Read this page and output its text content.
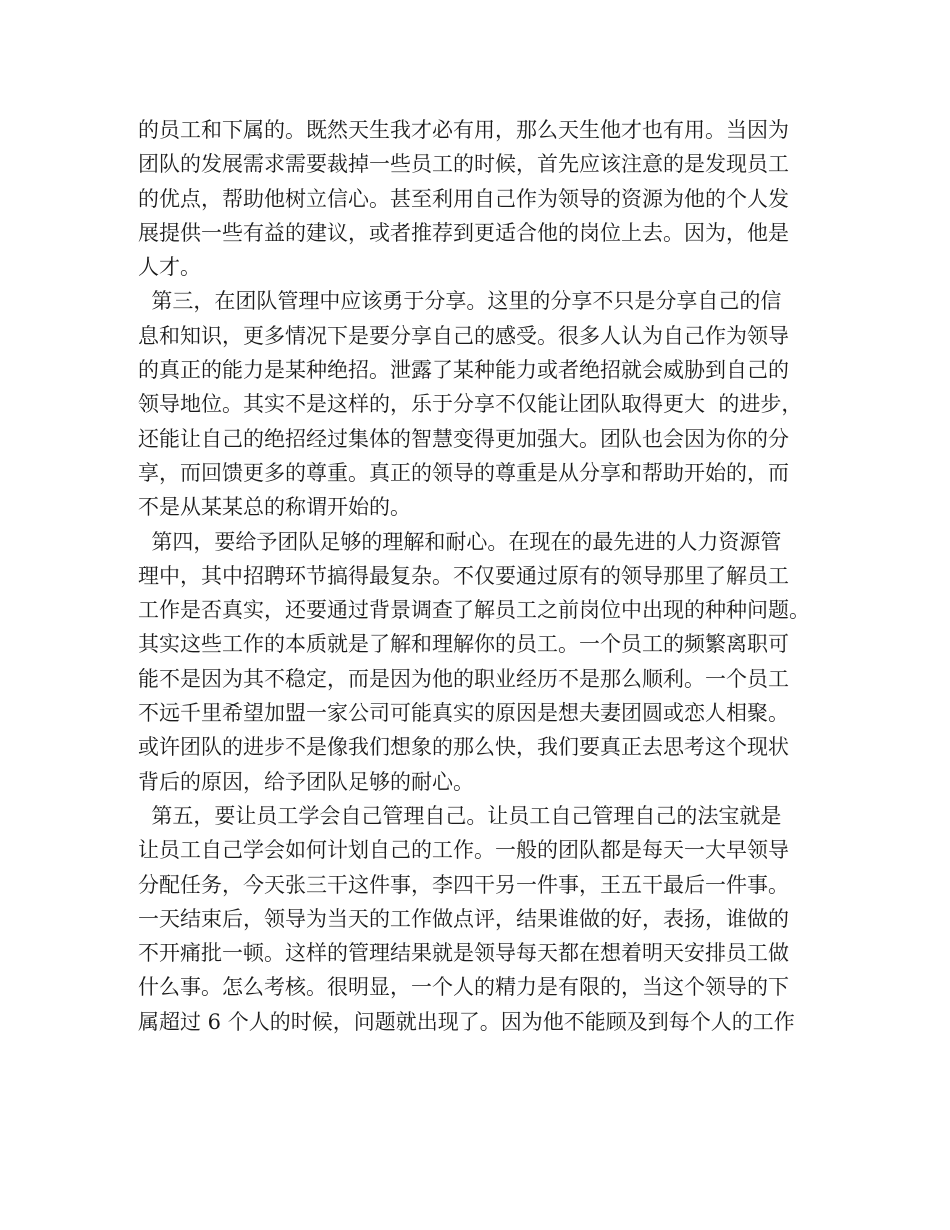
的员工和下属的。既然天生我才必有用，那么天生他才也有用。当因为
团队的发展需求需要裁掉一些员工的时候，首先应该注意的是发现员工
的优点，帮助他树立信心。甚至利用自己作为领导的资源为他的个人发
展提供一些有益的建议，或者推荐到更适合他的岗位上去。因为，他是
人才。
第三，在团队管理中应该勇于分享。这里的分享不只是分享自己的信
息和知识，更多情况下是要分享自己的感受。很多人认为自己作为领导
的真正的能力是某种绝招。泄露了某种能力或者绝招就会威胁到自己的
领导地位。其实不是这样的，乐于分享不仅能让团队取得更大  的进步，
还能让自己的绝招经过集体的智慧变得更加强大。团队也会因为你的分
享，而回馈更多的尊重。真正的领导的尊重是从分享和帮助开始的，而
不是从某某总的称谓开始的。
第四，要给予团队足够的理解和耐心。在现在的最先进的人力资源管
理中，其中招聘环节搞得最复杂。不仅要通过原有的领导那里了解员工
工作是否真实，还要通过背景调查了解员工之前岗位中出现的种种问题。
其实这些工作的本质就是了解和理解你的员工。一个员工的频繁离职可
能不是因为其不稳定，而是因为他的职业经历不是那么顺利。一个员工
不远千里希望加盟一家公司可能真实的原因是想夫妻团圆或恋人相聚。
或许团队的进步不是像我们想象的那么快，我们要真正去思考这个现状
背后的原因，给予团队足够的耐心。
第五，要让员工学会自己管理自己。让员工自己管理自己的法宝就是
让员工自己学会如何计划自己的工作。一般的团队都是每天一大早领导
分配任务，今天张三干这件事，李四干另一件事，王五干最后一件事。
一天结束后，领导为当天的工作做点评，结果谁做的好，表扬，谁做的
不开痛批一顿。这样的管理结果就是领导每天都在想着明天安排员工做
什么事。怎么考核。很明显，一个人的精力是有限的，当这个领导的下
属超过 6 个人的时候，问题就出现了。因为他不能顾及到每个人的工作
